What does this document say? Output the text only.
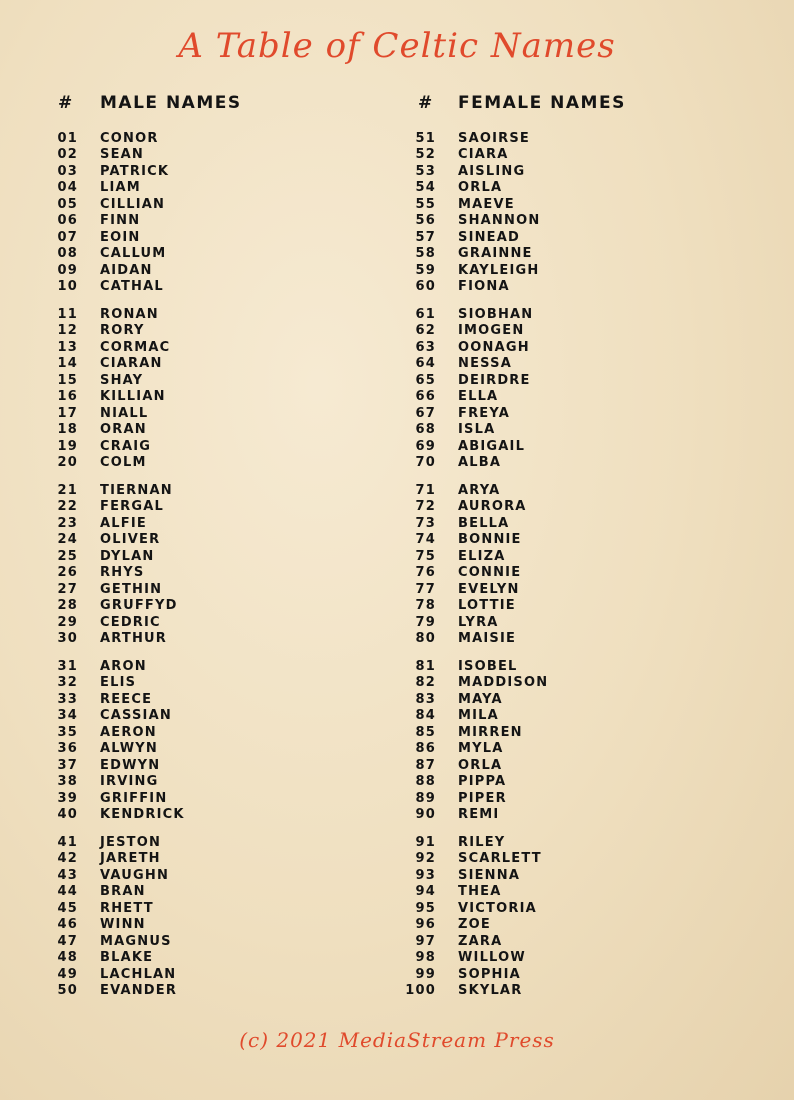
A Table of Celtic Names
# MALE NAMES	# FEMALE NAMES
01 CONOR
02 SEAN
03 PATRICK
04 LIAM
05 CILLIAN
06 FINN
07 EOIN
08 CALLUM
09 AIDAN
10 CATHAL
11 RONAN
12 RORY
13 CORMAC
14 CIARAN
15 SHAY
16 KILLIAN
17 NIALL
18 ORAN
19 CRAIG
20 COLM
21 TIERNAN
22 FERGAL
23 ALFIE
24 OLIVER
25 DYLAN
26 RHYS
27 GETHIN
28 GRUFFYD
29 CEDRIC
30 ARTHUR
31 ARON
32 ELIS
33 REECE
34 CASSIAN
35 AERON
36 ALWYN
37 EDWYN
38 IRVING
39 GRIFFIN
40 KENDRICK
41 JESTON
42 JARETH
43 VAUGHN
44 BRAN
45 RHETT
46 WINN
47 MAGNUS
48 BLAKE
49 LACHLAN
50 EVANDER
51 SAOIRSE
52 CIARA
53 AISLING
54 ORLA
55 MAEVE
56 SHANNON
57 SINEAD
58 GRAINNE
59 KAYLEIGH
60 FIONA
61 SIOBHAN
62 IMOGEN
63 OONAGH
64 NESSA
65 DEIRDRE
66 ELLA
67 FREYA
68 ISLA
69 ABIGAIL
70 ALBA
71 ARYA
72 AURORA
73 BELLA
74 BONNIE
75 ELIZA
76 CONNIE
77 EVELYN
78 LOTTIE
79 LYRA
80 MAISIE
81 ISOBEL
82 MADDISON
83 MAYA
84 MILA
85 MIRREN
86 MYLA
87 ORLA
88 PIPPA
89 PIPER
90 REMI
91 RILEY
92 SCARLETT
93 SIENNA
94 THEA
95 VICTORIA
96 ZOE
97 ZARA
98 WILLOW
99 SOPHIA
100 SKYLAR
(c) 2021 MediaStream Press
